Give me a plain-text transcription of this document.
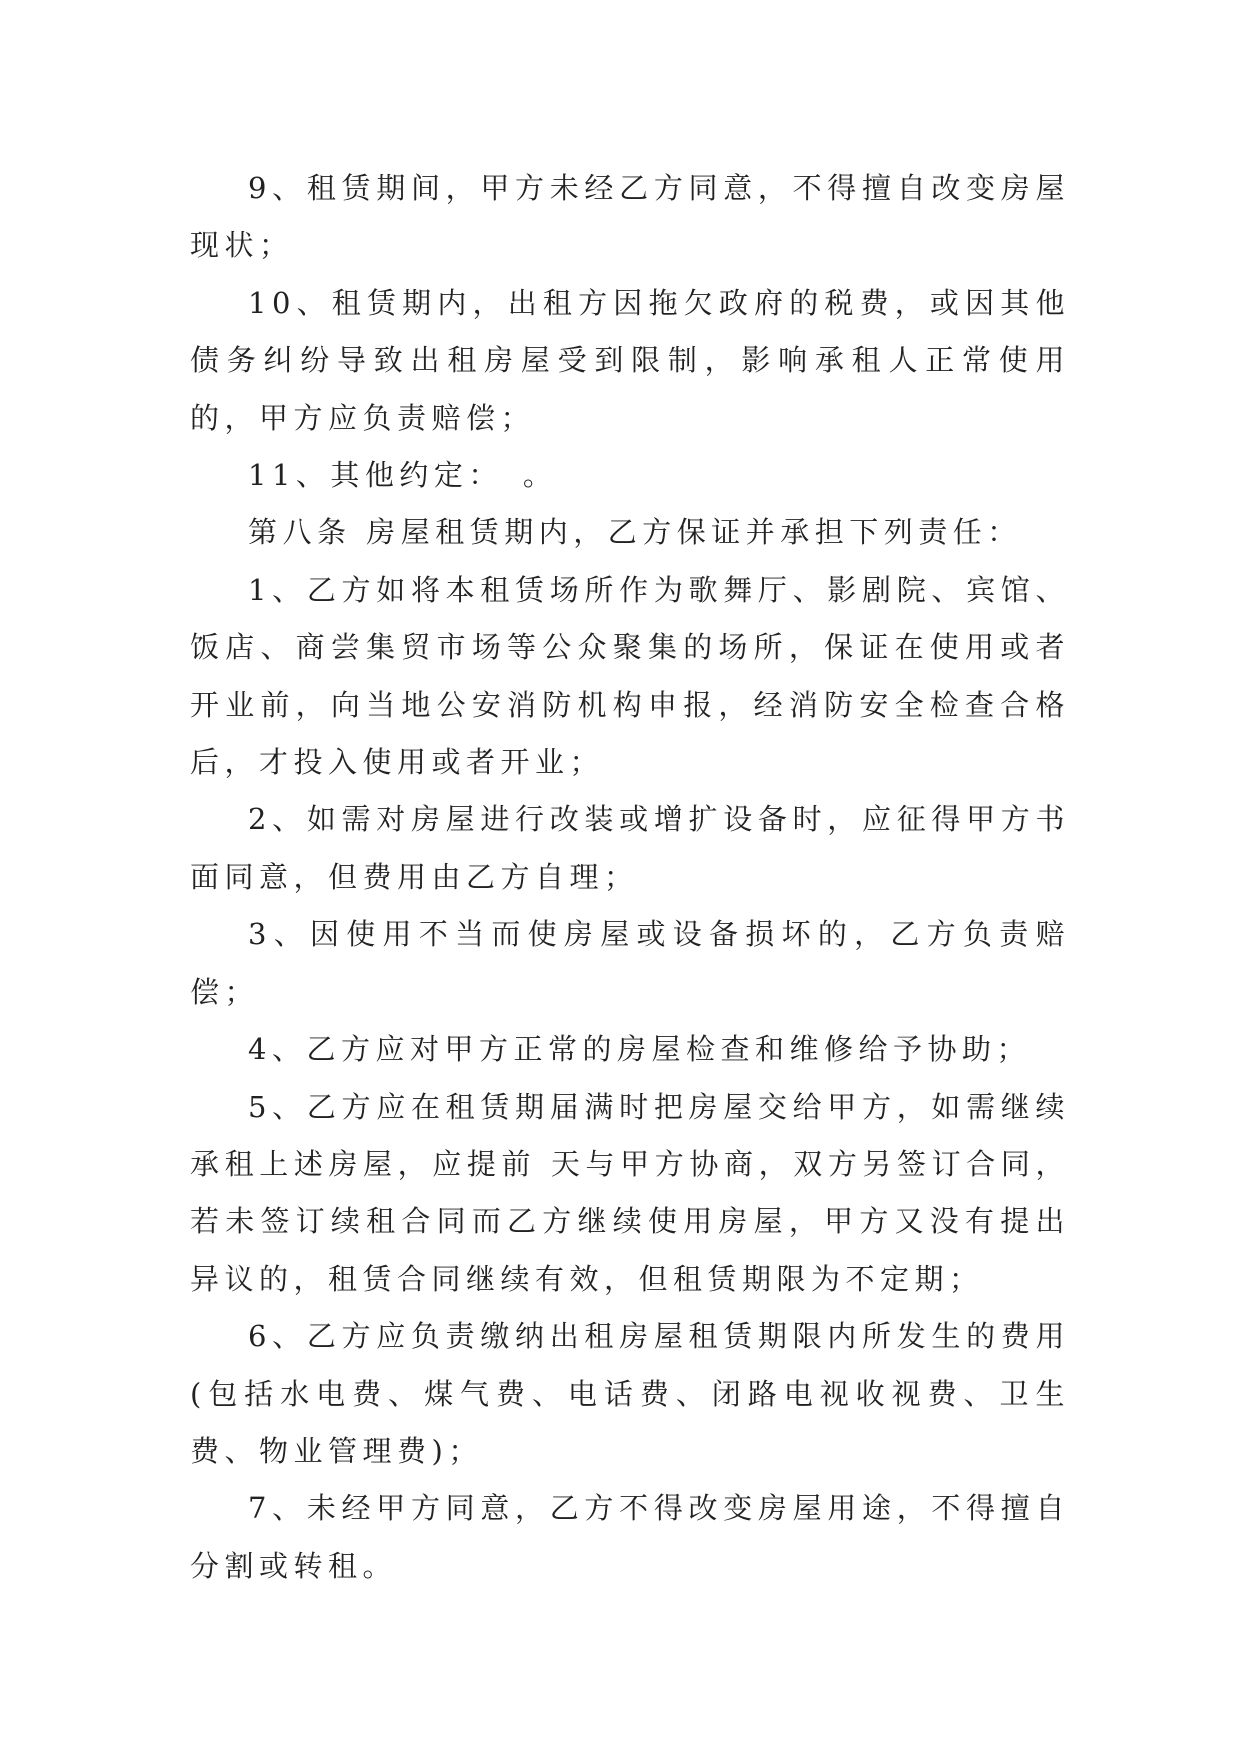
9、租赁期间，甲方未经乙方同意，不得擅自改变房屋现状；

10、租赁期内，出租方因拖欠政府的税费，或因其他债务纠纷导致出租房屋受到限制，影响承租人正常使用的，甲方应负责赔偿；

11、其他约定：　。

第八条 房屋租赁期内，乙方保证并承担下列责任：

1、乙方如将本租赁场所作为歌舞厅、影剧院、宾馆、饭店、商尝集贸市场等公众聚集的场所，保证在使用或者开业前，向当地公安消防机构申报，经消防安全检查合格后，才投入使用或者开业；

2、如需对房屋进行改装或增扩设备时，应征得甲方书面同意，但费用由乙方自理；

3、因使用不当而使房屋或设备损坏的，乙方负责赔偿；

4、乙方应对甲方正常的房屋检查和维修给予协助；

5、乙方应在租赁期届满时把房屋交给甲方，如需继续承租上述房屋，应提前 天与甲方协商，双方另签订合同，若未签订续租合同而乙方继续使用房屋，甲方又没有提出异议的，租赁合同继续有效，但租赁期限为不定期；

6、乙方应负责缴纳出租房屋租赁期限内所发生的费用(包括水电费、煤气费、电话费、闭路电视收视费、卫生费、物业管理费)；

7、未经甲方同意，乙方不得改变房屋用途，不得擅自分割或转租。
